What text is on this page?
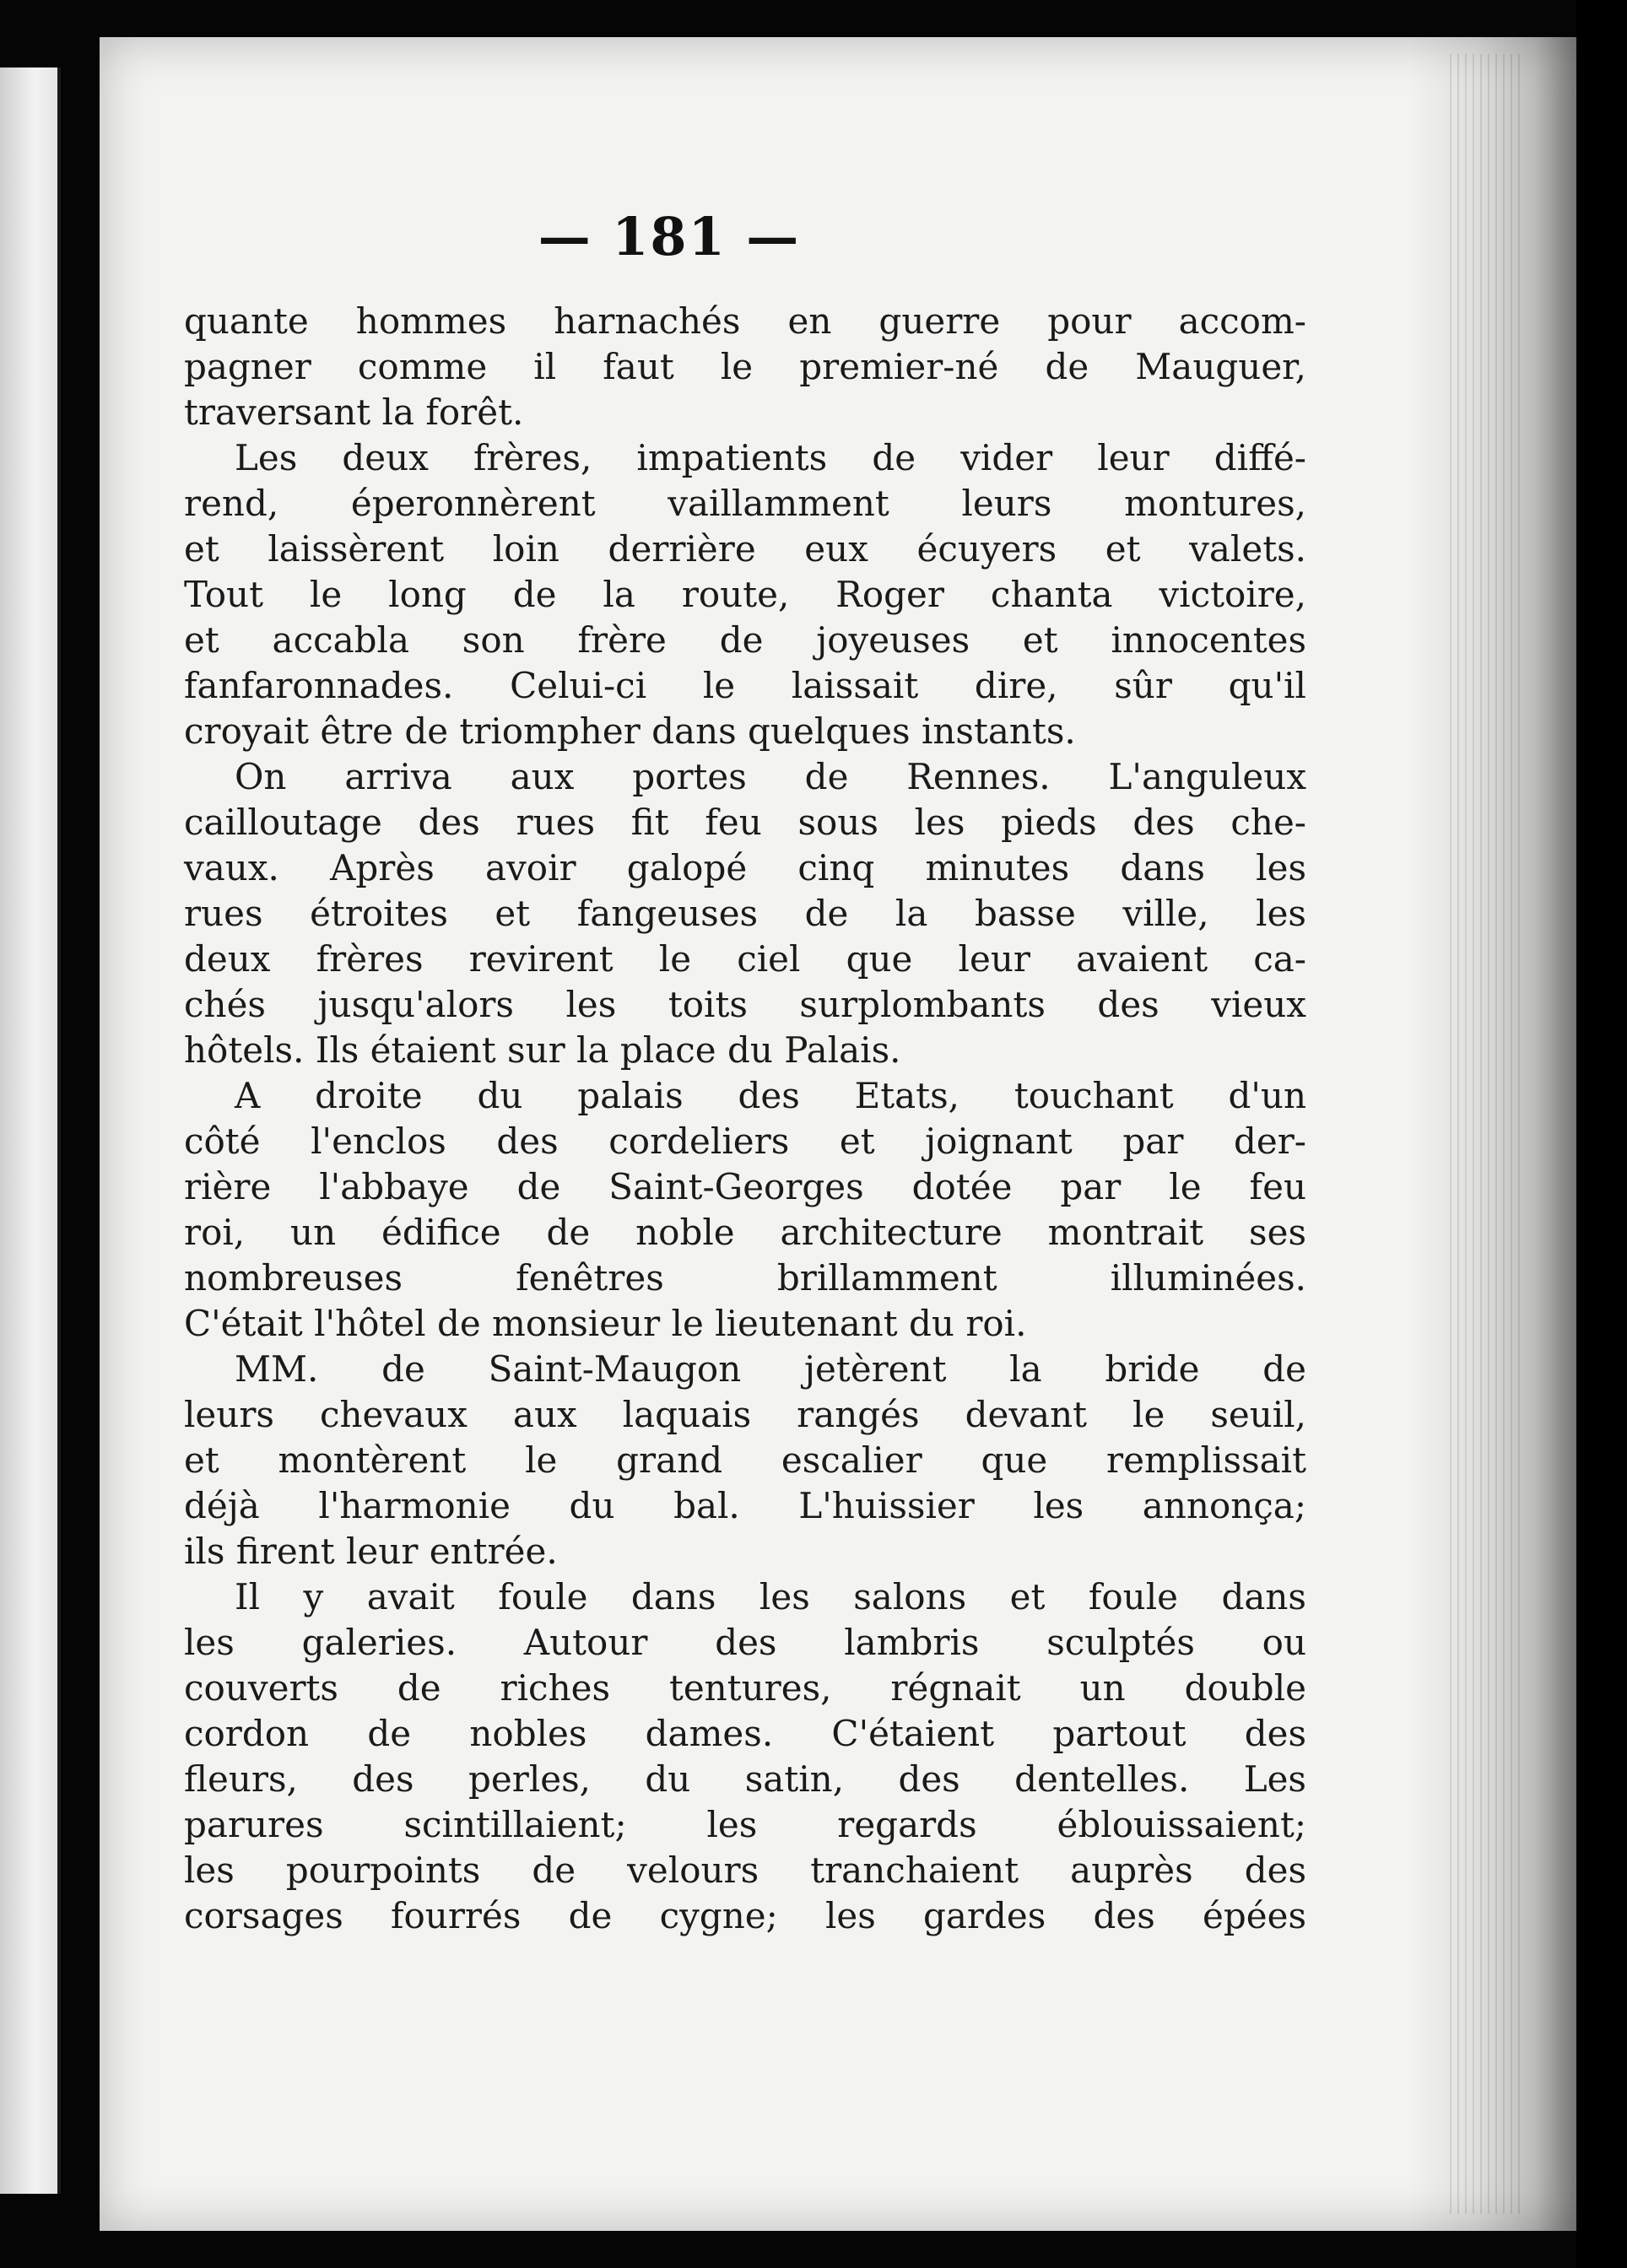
— 181 —
quante hommes harnachés en guerre pour accom-
pagner comme il faut le premier-né de Mauguer,
traversant la forêt.
Les deux frères, impatients de vider leur diffé-
rend, éperonnèrent vaillamment leurs montures,
et laissèrent loin derrière eux écuyers et valets.
Tout le long de la route, Roger chanta victoire,
et accabla son frère de joyeuses et innocentes
fanfaronnades. Celui-ci le laissait dire, sûr qu'il
croyait être de triompher dans quelques instants.
On arriva aux portes de Rennes. L'anguleux
cailloutage des rues fit feu sous les pieds des che-
vaux. Après avoir galopé cinq minutes dans les
rues étroites et fangeuses de la basse ville, les
deux frères revirent le ciel que leur avaient ca-
chés jusqu'alors les toits surplombants des vieux
hôtels. Ils étaient sur la place du Palais.
A droite du palais des Etats, touchant d'un
côté l'enclos des cordeliers et joignant par der-
rière l'abbaye de Saint-Georges dotée par le feu
roi, un édifice de noble architecture montrait ses
nombreuses fenêtres brillamment illuminées.
C'était l'hôtel de monsieur le lieutenant du roi.
MM. de Saint-Maugon jetèrent la bride de
leurs chevaux aux laquais rangés devant le seuil,
et montèrent le grand escalier que remplissait
déjà l'harmonie du bal. L'huissier les annonça;
ils firent leur entrée.
Il y avait foule dans les salons et foule dans
les galeries. Autour des lambris sculptés ou
couverts de riches tentures, régnait un double
cordon de nobles dames. C'étaient partout des
fleurs, des perles, du satin, des dentelles. Les
parures scintillaient; les regards éblouissaient;
les pourpoints de velours tranchaient auprès des
corsages fourrés de cygne; les gardes des épées
